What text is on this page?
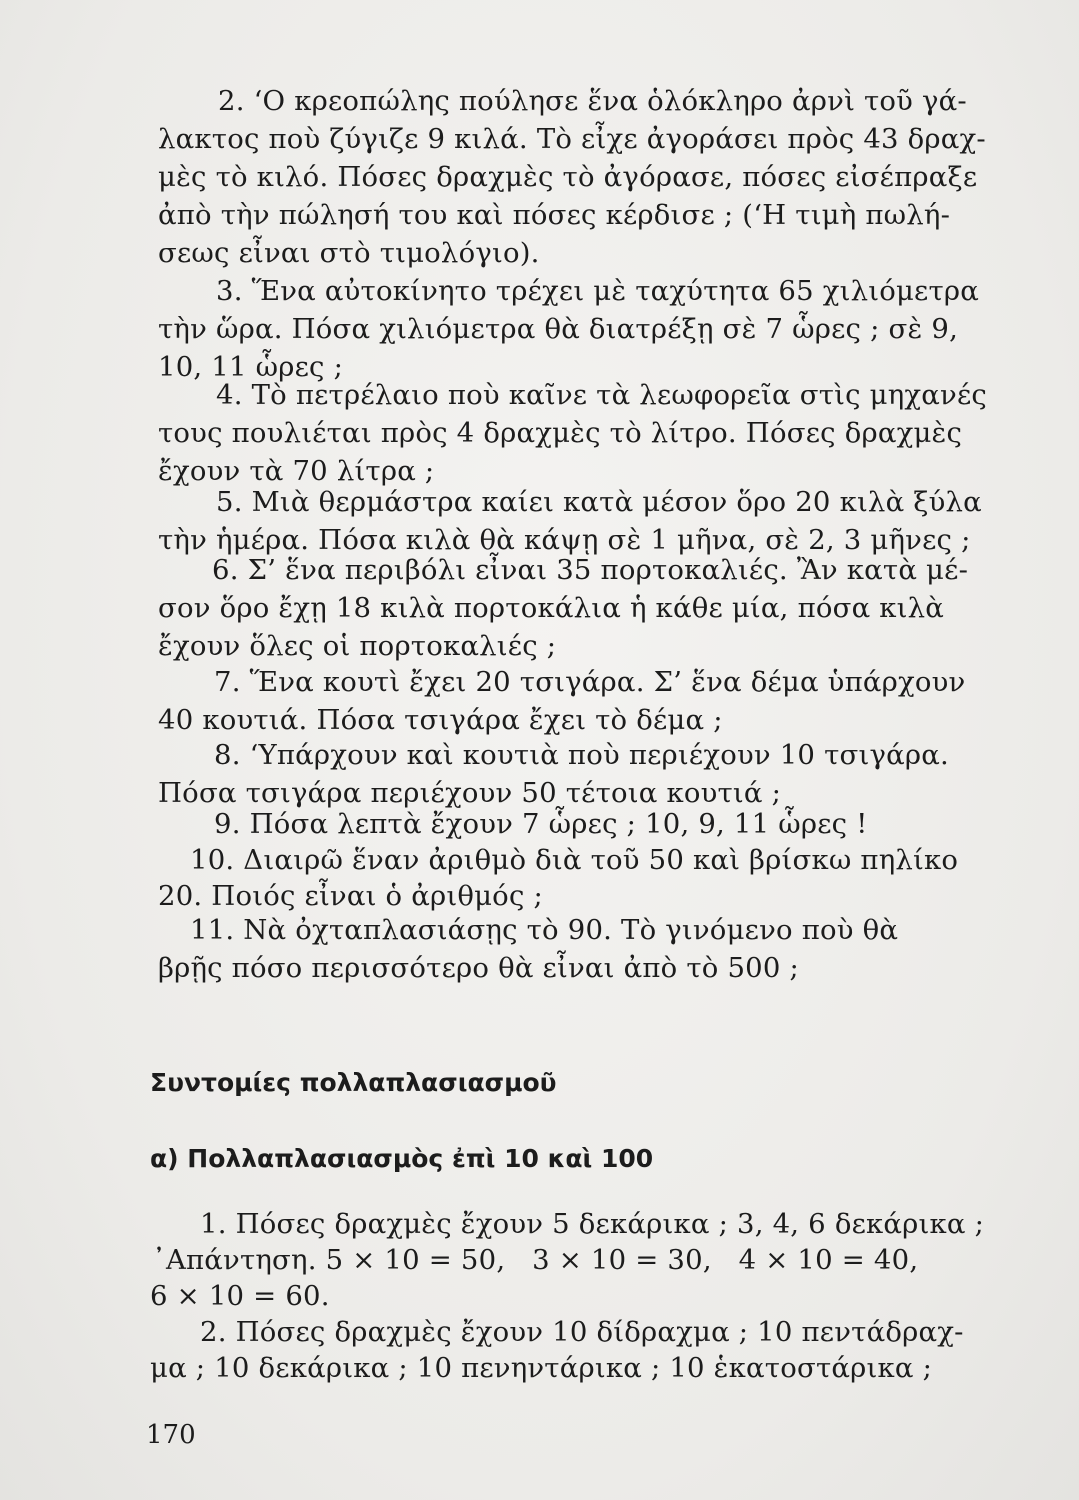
2. ‘Ο κρεοπώλης πούλησε ἕνα ὁλόκληρο ἀρνὶ τοῦ γά-
λακτος ποὺ ζύγιζε 9 κιλά. Τὸ εἶχε ἀγοράσει πρὸς 43 δραχ-
μὲς τὸ κιλό. Πόσες δραχμὲς τὸ ἀγόρασε, πόσες εἰσέπραξε
ἀπὸ τὴν πώλησή του καὶ πόσες κέρδισε ; (‘Η τιμὴ πωλή-
σεως εἶναι στὸ τιμολόγιο).
3. Ἕνα αὐτοκίνητο τρέχει μὲ ταχύτητα 65 χιλιόμετρα
τὴν ὥρα. Πόσα χιλιόμετρα θὰ διατρέξῃ σὲ 7 ὧρες ; σὲ 9,
10, 11 ὧρες ;
4. Τὸ πετρέλαιο ποὺ καῖνε τὰ λεωφορεῖα στὶς μηχανές
τους πουλιέται πρὸς 4 δραχμὲς τὸ λίτρο. Πόσες δραχμὲς
ἔχουν τὰ 70 λίτρα ;
5. Μιὰ θερμάστρα καίει κατὰ μέσον ὅρο 20 κιλὰ ξύλα
τὴν ἡμέρα. Πόσα κιλὰ θὰ κάψῃ σὲ 1 μῆνα, σὲ 2, 3 μῆνες ;
6. Σ’ ἕνα περιβόλι εἶναι 35 πορτοκαλιές. Ἂν κατὰ μέ-
σον ὅρο ἔχῃ 18 κιλὰ πορτοκάλια ἡ κάθε μία, πόσα κιλὰ
ἔχουν ὅλες οἱ πορτοκαλιές ;
7. Ἕνα κουτὶ ἔχει 20 τσιγάρα. Σ’ ἕνα δέμα ὑπάρχουν
40 κουτιά. Πόσα τσιγάρα ἔχει τὸ δέμα ;
8. ‘Υπάρχουν καὶ κουτιὰ ποὺ περιέχουν 10 τσιγάρα.
Πόσα τσιγάρα περιέχουν 50 τέτοια κουτιά ;
9. Πόσα λεπτὰ ἔχουν 7 ὧρες ; 10, 9, 11 ὧρες !
10. Διαιρῶ ἕναν ἀριθμὸ διὰ τοῦ 50 καὶ βρίσκω πηλίκο
20. Ποιός εἶναι ὁ ἀριθμός ;
11. Νὰ ὀχταπλασιάσῃς τὸ 90. Τὸ γινόμενο ποὺ θὰ
βρῇς πόσο περισσότερο θὰ εἶναι ἀπὸ τὸ 500 ;
Συντομίες πολλαπλασιασμοῦ
α) Πολλαπλασιασμὸς ἐπὶ 10 καὶ 100
1. Πόσες δραχμὲς ἔχουν 5 δεκάρικα ; 3, 4, 6 δεκάρικα ;
᾿Απάντηση. 5 × 10 = 50,   3 × 10 = 30,   4 × 10 = 40,
6 × 10 = 60.
2. Πόσες δραχμὲς ἔχουν 10 δίδραχμα ; 10 πεντάδραχ-
μα ; 10 δεκάρικα ; 10 πενηντάρικα ; 10 ἑκατοστάρικα ;
170
